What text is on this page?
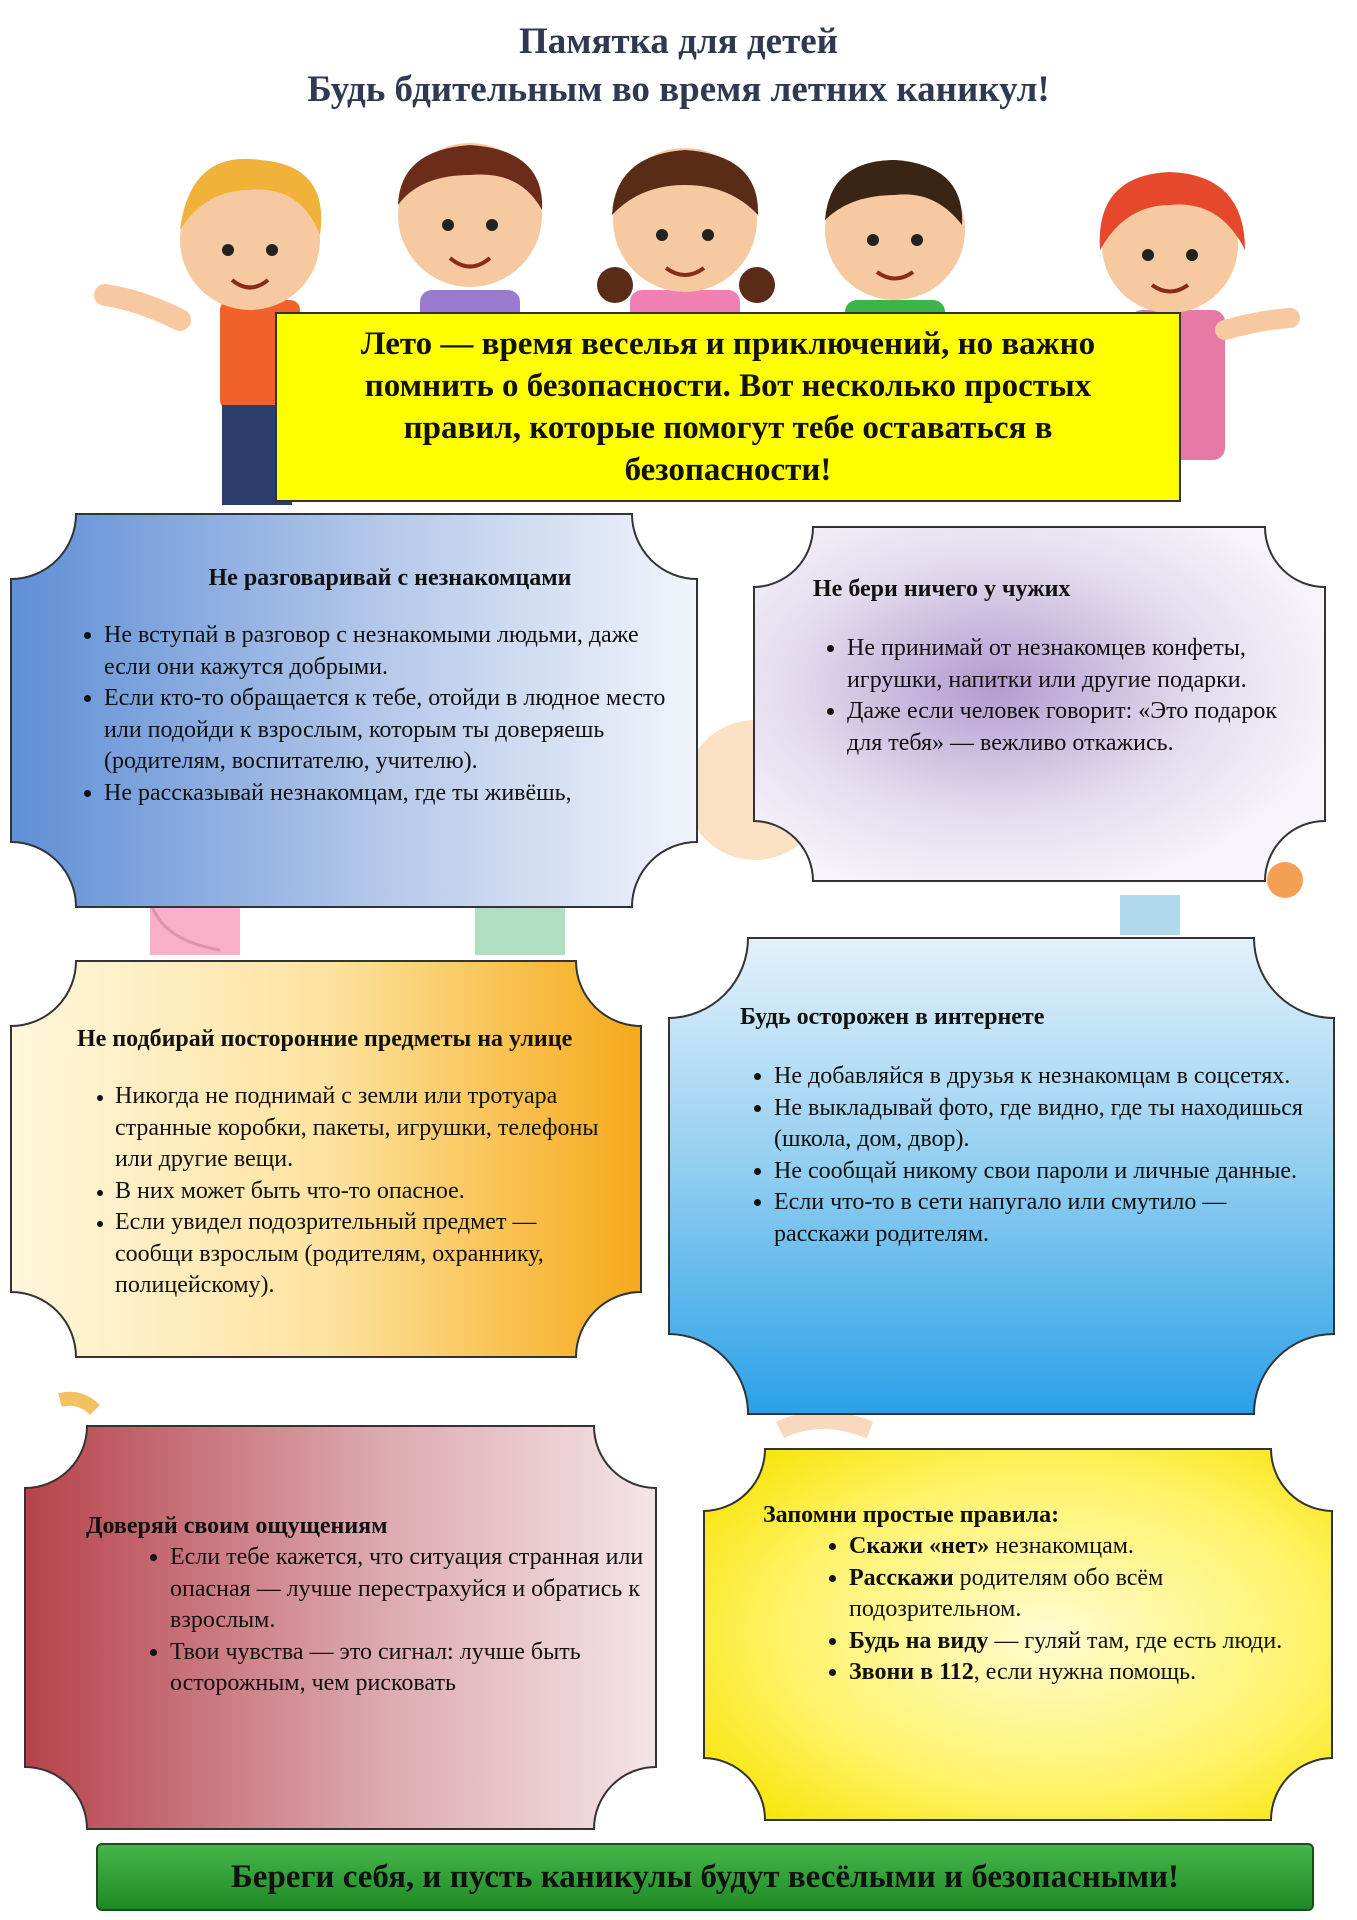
Памятка для детей
Будь бдительным во время летних каникул!
Лето — время веселья и приключений, но важно помнить о безопасности. Вот несколько простых правил, которые помогут тебе оставаться в безопасности!
Не разговаривай с незнакомцами
• Не вступай в разговор с незнакомыми людьми, даже если они кажутся добрыми.
• Если кто-то обращается к тебе, отойди в людное место или подойди к взрослым, которым ты доверяешь (родителям, воспитателю, учителю).
• Не рассказывай незнакомцам, где ты живёшь,
Не бери ничего у чужих
• Не принимай от незнакомцев конфеты, игрушки, напитки или другие подарки.
• Даже если человек говорит: «Это подарок для тебя» — вежливо откажись.
Не подбирай посторонние предметы на улице
• Никогда не поднимай с земли или тротуара странные коробки, пакеты, игрушки, телефоны или другие вещи.
• В них может быть что-то опасное.
• Если увидел подозрительный предмет — сообщи взрослым (родителям, охраннику, полицейскому).
Будь осторожен в интернете
• Не добавляйся в друзья к незнакомцам в соцсетях.
• Не выкладывай фото, где видно, где ты находишься (школа, дом, двор).
• Не сообщай никому свои пароли и личные данные.
• Если что-то в сети напугало или смутило — расскажи родителям.
Доверяй своим ощущениям
• Если тебе кажется, что ситуация странная или опасная — лучше перестрахуйся и обратись к взрослым.
• Твои чувства — это сигнал: лучше быть осторожным, чем рисковать
Запомни простые правила:
• Скажи «нет» незнакомцам.
• Расскажи родителям обо всём подозрительном.
• Будь на виду — гуляй там, где есть люди.
• Звони в 112, если нужна помощь.
Береги себя, и пусть каникулы будут весёлыми и безопасными!
